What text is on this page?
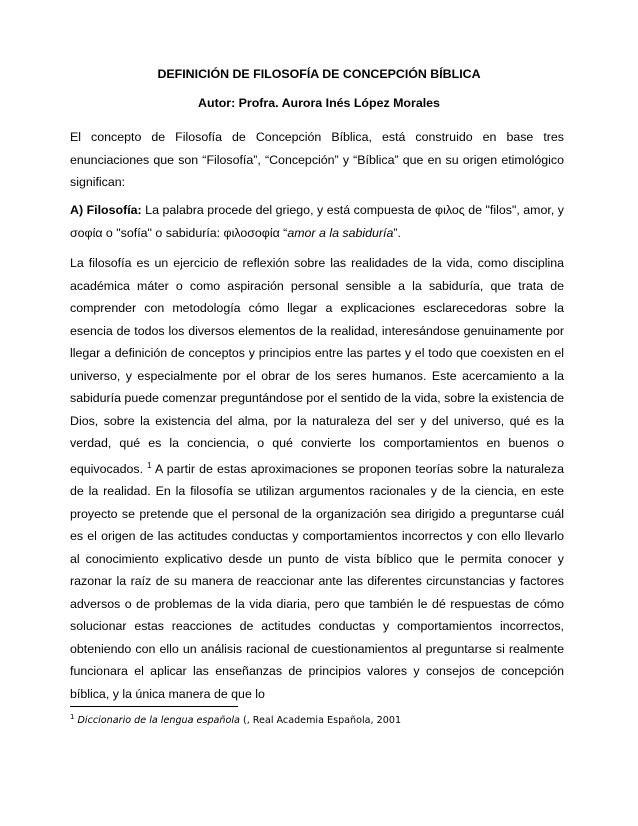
DEFINICIÓN DE FILOSOFÍA DE CONCEPCIÓN BÍBLICA
Autor: Profra. Aurora Inés López Morales

El concepto de Filosofía de Concepción Bíblica, está construido en base tres enunciaciones que son “Filosofía”, “Concepción” y “Bíblica” que en su origen etimológico significan:

A) Filosofía: La palabra procede del griego, y está compuesta de φιλος de "filos", amor, y σοφία o "sofía" o sabiduría: φιλοσοφία “amor a la sabiduría”.

La filosofía es un ejercicio de reflexión sobre las realidades de la vida, como disciplina académica máter o como aspiración personal sensible a la sabiduría, que trata de comprender con metodología cómo llegar a explicaciones esclarecedoras sobre la esencia de todos los diversos elementos de la realidad, interesándose genuinamente por llegar a definición de conceptos y principios entre las partes y el todo que coexisten en el universo, y especialmente por el obrar de los seres humanos. Este acercamiento a la sabiduría puede comenzar preguntándose por el sentido de la vida, sobre la existencia de Dios, sobre la existencia del alma, por la naturaleza del ser y del universo, qué es la verdad, qué es la conciencia, o qué convierte los comportamientos en buenos o equivocados. $^1$ A partir de estas aproximaciones se proponen teorías sobre la naturaleza de la realidad. En la filosofía se utilizan argumentos racionales y de la ciencia, en este proyecto se pretende que el personal de la organización sea dirigido a preguntarse cuál es el origen de las actitudes conductas y comportamientos incorrectos y con ello llevarlo al conocimiento explicativo desde un punto de vista bíblico que le permita conocer y razonar la raíz de su manera de reaccionar ante las diferentes circunstancias y factores adversos o de problemas de la vida diaria, pero que también le dé respuestas de cómo solucionar estas reacciones de actitudes conductas y comportamientos incorrectos, obteniendo con ello un análisis racional de cuestionamientos al preguntarse si realmente funcionara el aplicar las enseñanzas de principios valores y consejos de concepción bíblica, y la única manera de que lo

$^1$ Diccionario de la lengua española (, Real Academia Española, 2001
